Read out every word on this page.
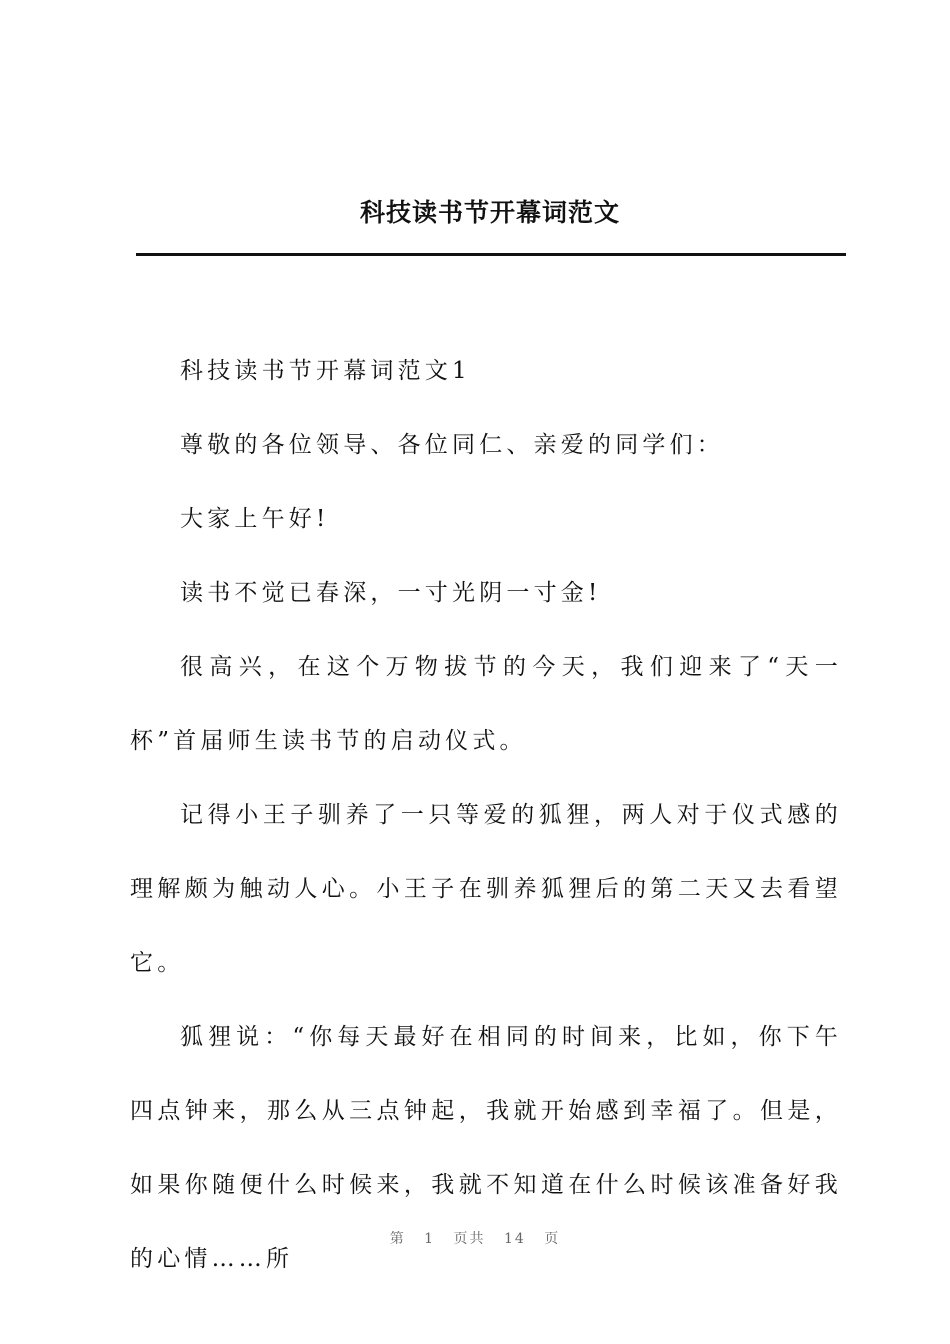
科技读书节开幕词范文

科技读书节开幕词范文1

尊敬的各位领导、各位同仁、亲爱的同学们：

大家上午好!

读书不觉已春深，一寸光阴一寸金!

很高兴，在这个万物拔节的今天，我们迎来了“天一杯”首届师生读书节的启动仪式。

记得小王子驯养了一只等爱的狐狸，两人对于仪式感的理解颇为触动人心。小王子在驯养狐狸后的第二天又去看望它。

狐狸说：“你每天最好在相同的时间来，比如，你下午四点钟来，那么从三点钟起，我就开始感到幸福了。但是，如果你随便什么时候来，我就不知道在什么时候该准备好我的心情……所

第 1 页共 14 页
